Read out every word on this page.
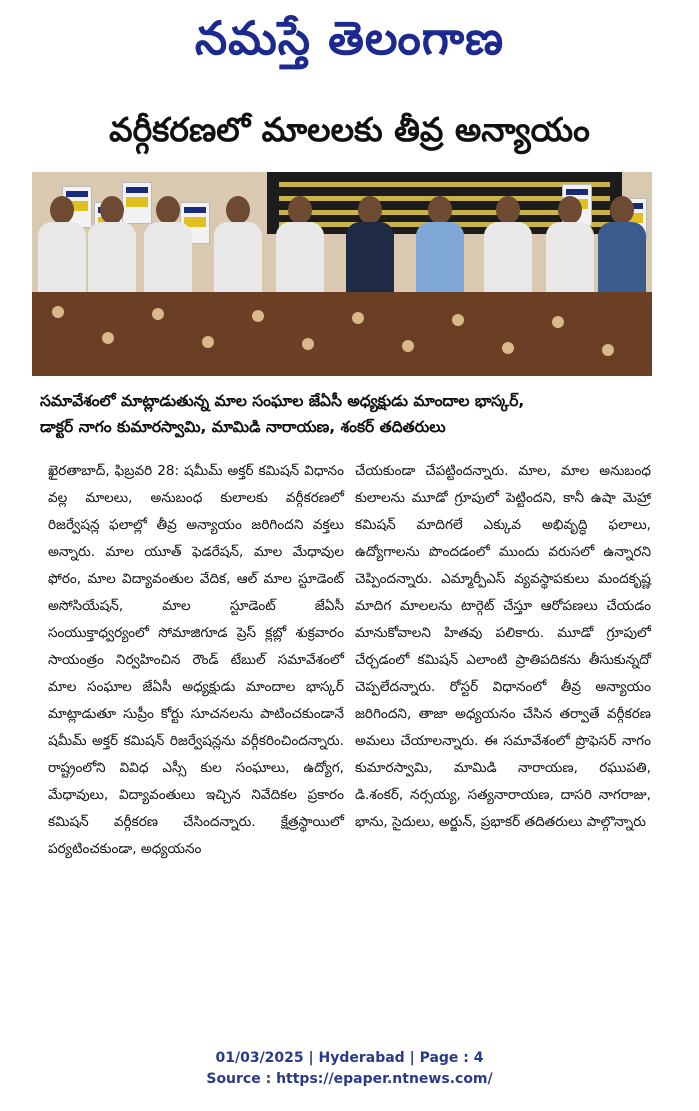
నమస్తే తెలంగాణ
వర్గీకరణలో మాలలకు తీవ్ర అన్యాయం
సమావేశంలో మాట్లాడుతున్న మాల సంఘాల జేఏసీ అధ్యక్షుడు మాందాల భాస్కర్,
డాక్టర్ నాగం కుమారస్వామి, మామిడి నారాయణ, శంకర్ తదితరులు
ఖైరతాబాద్, ఫిబ్రవరి 28: షమీమ్ అక్తర్ కమిషన్ విధానం వల్ల మాలలు, అనుబంధ కులాలకు వర్గీకరణలో రిజర్వేషన్ల ఫలాల్లో తీవ్ర అన్యాయం జరిగిందని వక్తలు అన్నారు. మాల యూత్ ఫెడరేషన్, మాల మేధావుల ఫోరం, మాల విద్యావంతుల వేదిక, ఆల్ మాల స్టూడెంట్ అసోసియేషన్, మాల స్టూడెంట్ జేఏసీ సంయుక్తాధ్వర్యంలో సోమాజిగూడ ప్రెస్ క్లబ్లో శుక్రవారం సాయంత్రం నిర్వహించిన రౌండ్ టేబుల్ సమావేశంలో మాల సంఘాల జేఏసీ అధ్యక్షుడు మాందాల భాస్కర్ మాట్లాడుతూ సుప్రీం కోర్టు సూచనలను పాటించకుండానే షమీమ్ అక్తర్ కమిషన్ రిజర్వేషన్లను వర్గీకరించిందన్నారు. రాష్ట్రంలోని వివిధ ఎస్సీ కుల సంఘాలు, ఉద్యోగ, మేధావులు, విద్యావంతులు ఇచ్చిన నివేదికల ప్రకారం కమిషన్ వర్గీకరణ చేసిందన్నారు. క్షేత్రస్థాయిలో పర్యటించకుండా, అధ్యయనం
చేయకుండా చేపట్టిందన్నారు. మాల, మాల అనుబంధ కులాలను మూడో గ్రూపులో పెట్టిందని, కానీ ఉషా మెహ్రా కమిషన్ మాదిగలే ఎక్కువ అభివృద్ధి ఫలాలు, ఉద్యోగాలను పొందడంలో ముందు వరుసలో ఉన్నారని చెప్పిందన్నారు. ఎమ్మార్పీఎస్ వ్యవస్థాపకులు మందకృష్ణ మాదిగ మాలలను టార్గెట్ చేస్తూ ఆరోపణలు చేయడం మానుకోవాలని హితవు పలికారు. మూడో గ్రూపులో చేర్చడంలో కమిషన్ ఎలాంటి ప్రాతిపదికను తీసుకున్నదో చెప్పలేదన్నారు. రోస్టర్ విధానంలో తీవ్ర అన్యాయం జరిగిందని, తాజా అధ్యయనం చేసిన తర్వాతే వర్గీకరణ అమలు చేయాలన్నారు. ఈ సమావేశంలో ప్రొఫెసర్ నాగం కుమారస్వామి, మామిడి నారాయణ, రఘుపతి, డి.శంకర్, నర్సయ్య, సత్యనారాయణ, దాసరి నాగరాజు, భాను, సైదులు, అర్జున్, ప్రభాకర్ తదితరులు పాల్గొన్నారు
01/03/2025 | Hyderabad | Page : 4
Source : https://epaper.ntnews.com/
